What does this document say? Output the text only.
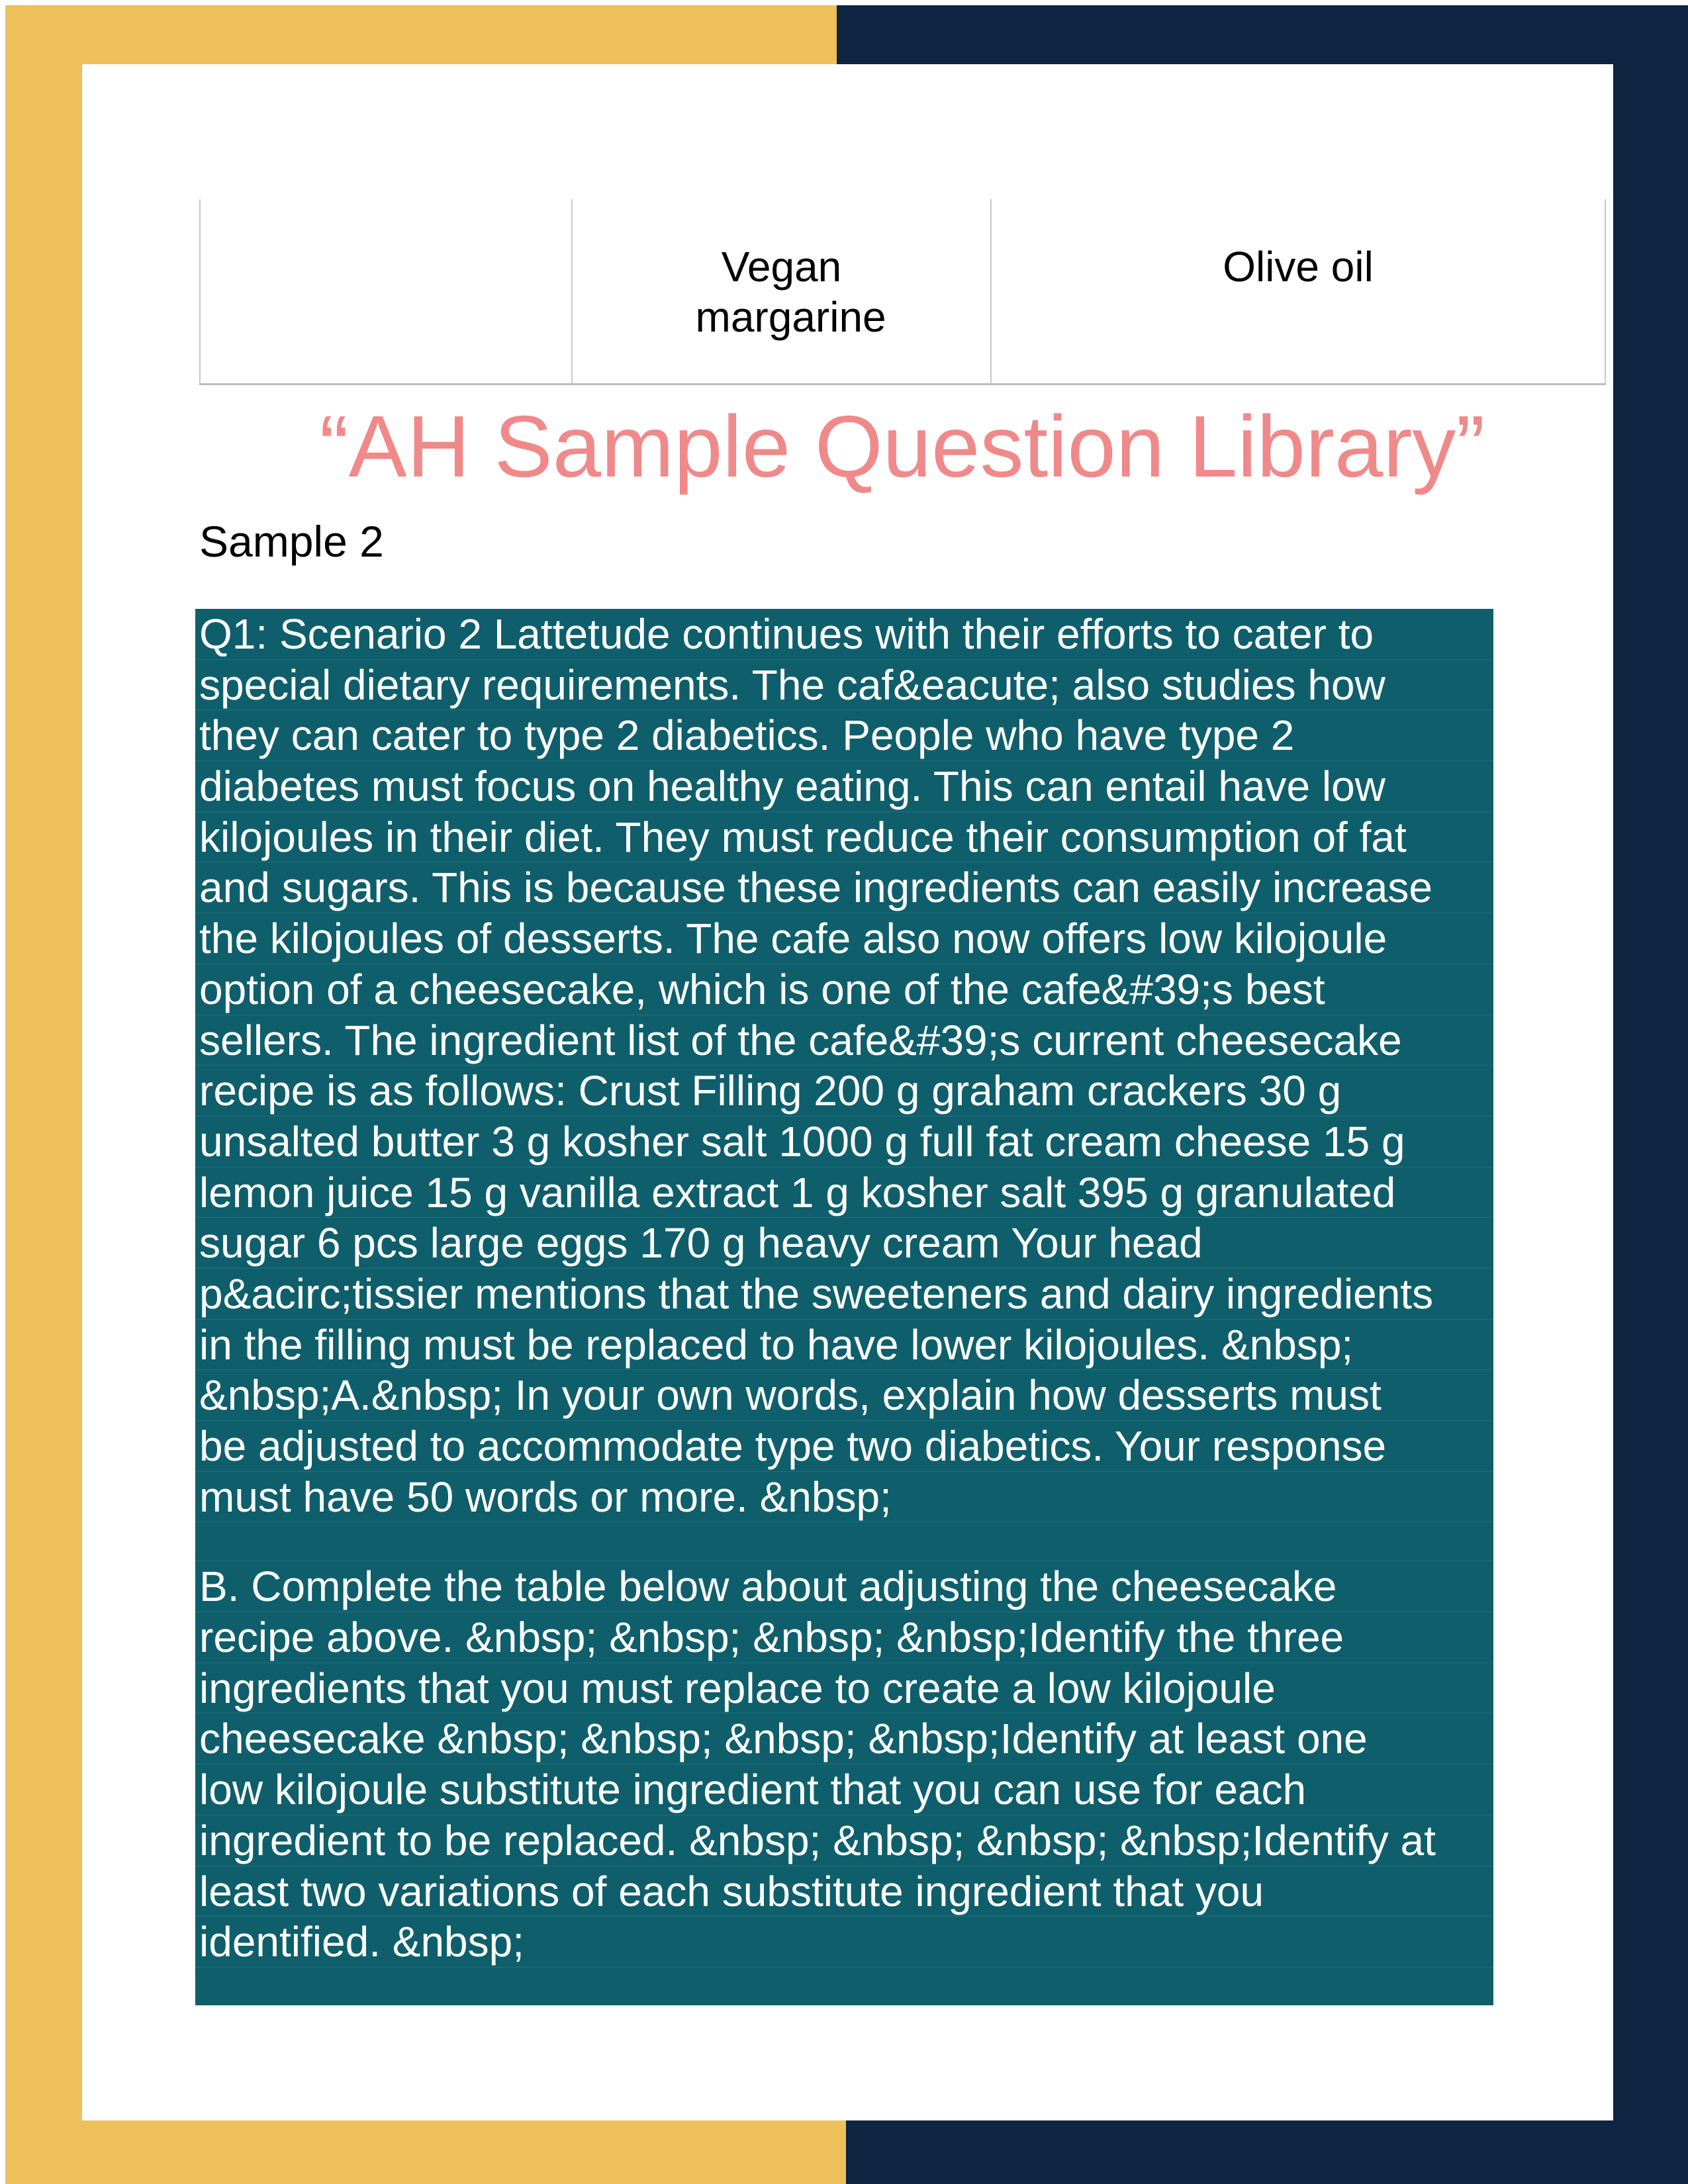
Vegan margarine
Olive oil
“AH Sample Question Library”
Sample 2
Q1: Scenario 2 Lattetude continues with their efforts to cater to
special dietary requirements. The caf&eacute; also studies how
they can cater to type 2 diabetics. People who have type 2
diabetes must focus on healthy eating. This can entail have low
kilojoules in their diet. They must reduce their consumption of fat
and sugars. This is because these ingredients can easily increase
the kilojoules of desserts. The cafe also now offers low kilojoule
option of a cheesecake, which is one of the cafe&#39;s best
sellers. The ingredient list of the cafe&#39;s current cheesecake
recipe is as follows: Crust Filling 200 g graham crackers 30 g
unsalted butter 3 g kosher salt 1000 g full fat cream cheese 15 g
lemon juice 15 g vanilla extract 1 g kosher salt 395 g granulated
sugar 6 pcs large eggs 170 g heavy cream Your head
p&acirc;tissier mentions that the sweeteners and dairy ingredients
in the filling must be replaced to have lower kilojoules. &nbsp;
&nbsp;A.&nbsp; In your own words, explain how desserts must
be adjusted to accommodate type two diabetics. Your response
must have 50 words or more. &nbsp;
B. Complete the table below about adjusting the cheesecake
recipe above. &nbsp; &nbsp; &nbsp; &nbsp;Identify the three
ingredients that you must replace to create a low kilojoule
cheesecake &nbsp; &nbsp; &nbsp; &nbsp;Identify at least one
low kilojoule substitute ingredient that you can use for each
ingredient to be replaced. &nbsp; &nbsp; &nbsp; &nbsp;Identify at
least two variations of each substitute ingredient that you
identified. &nbsp;
